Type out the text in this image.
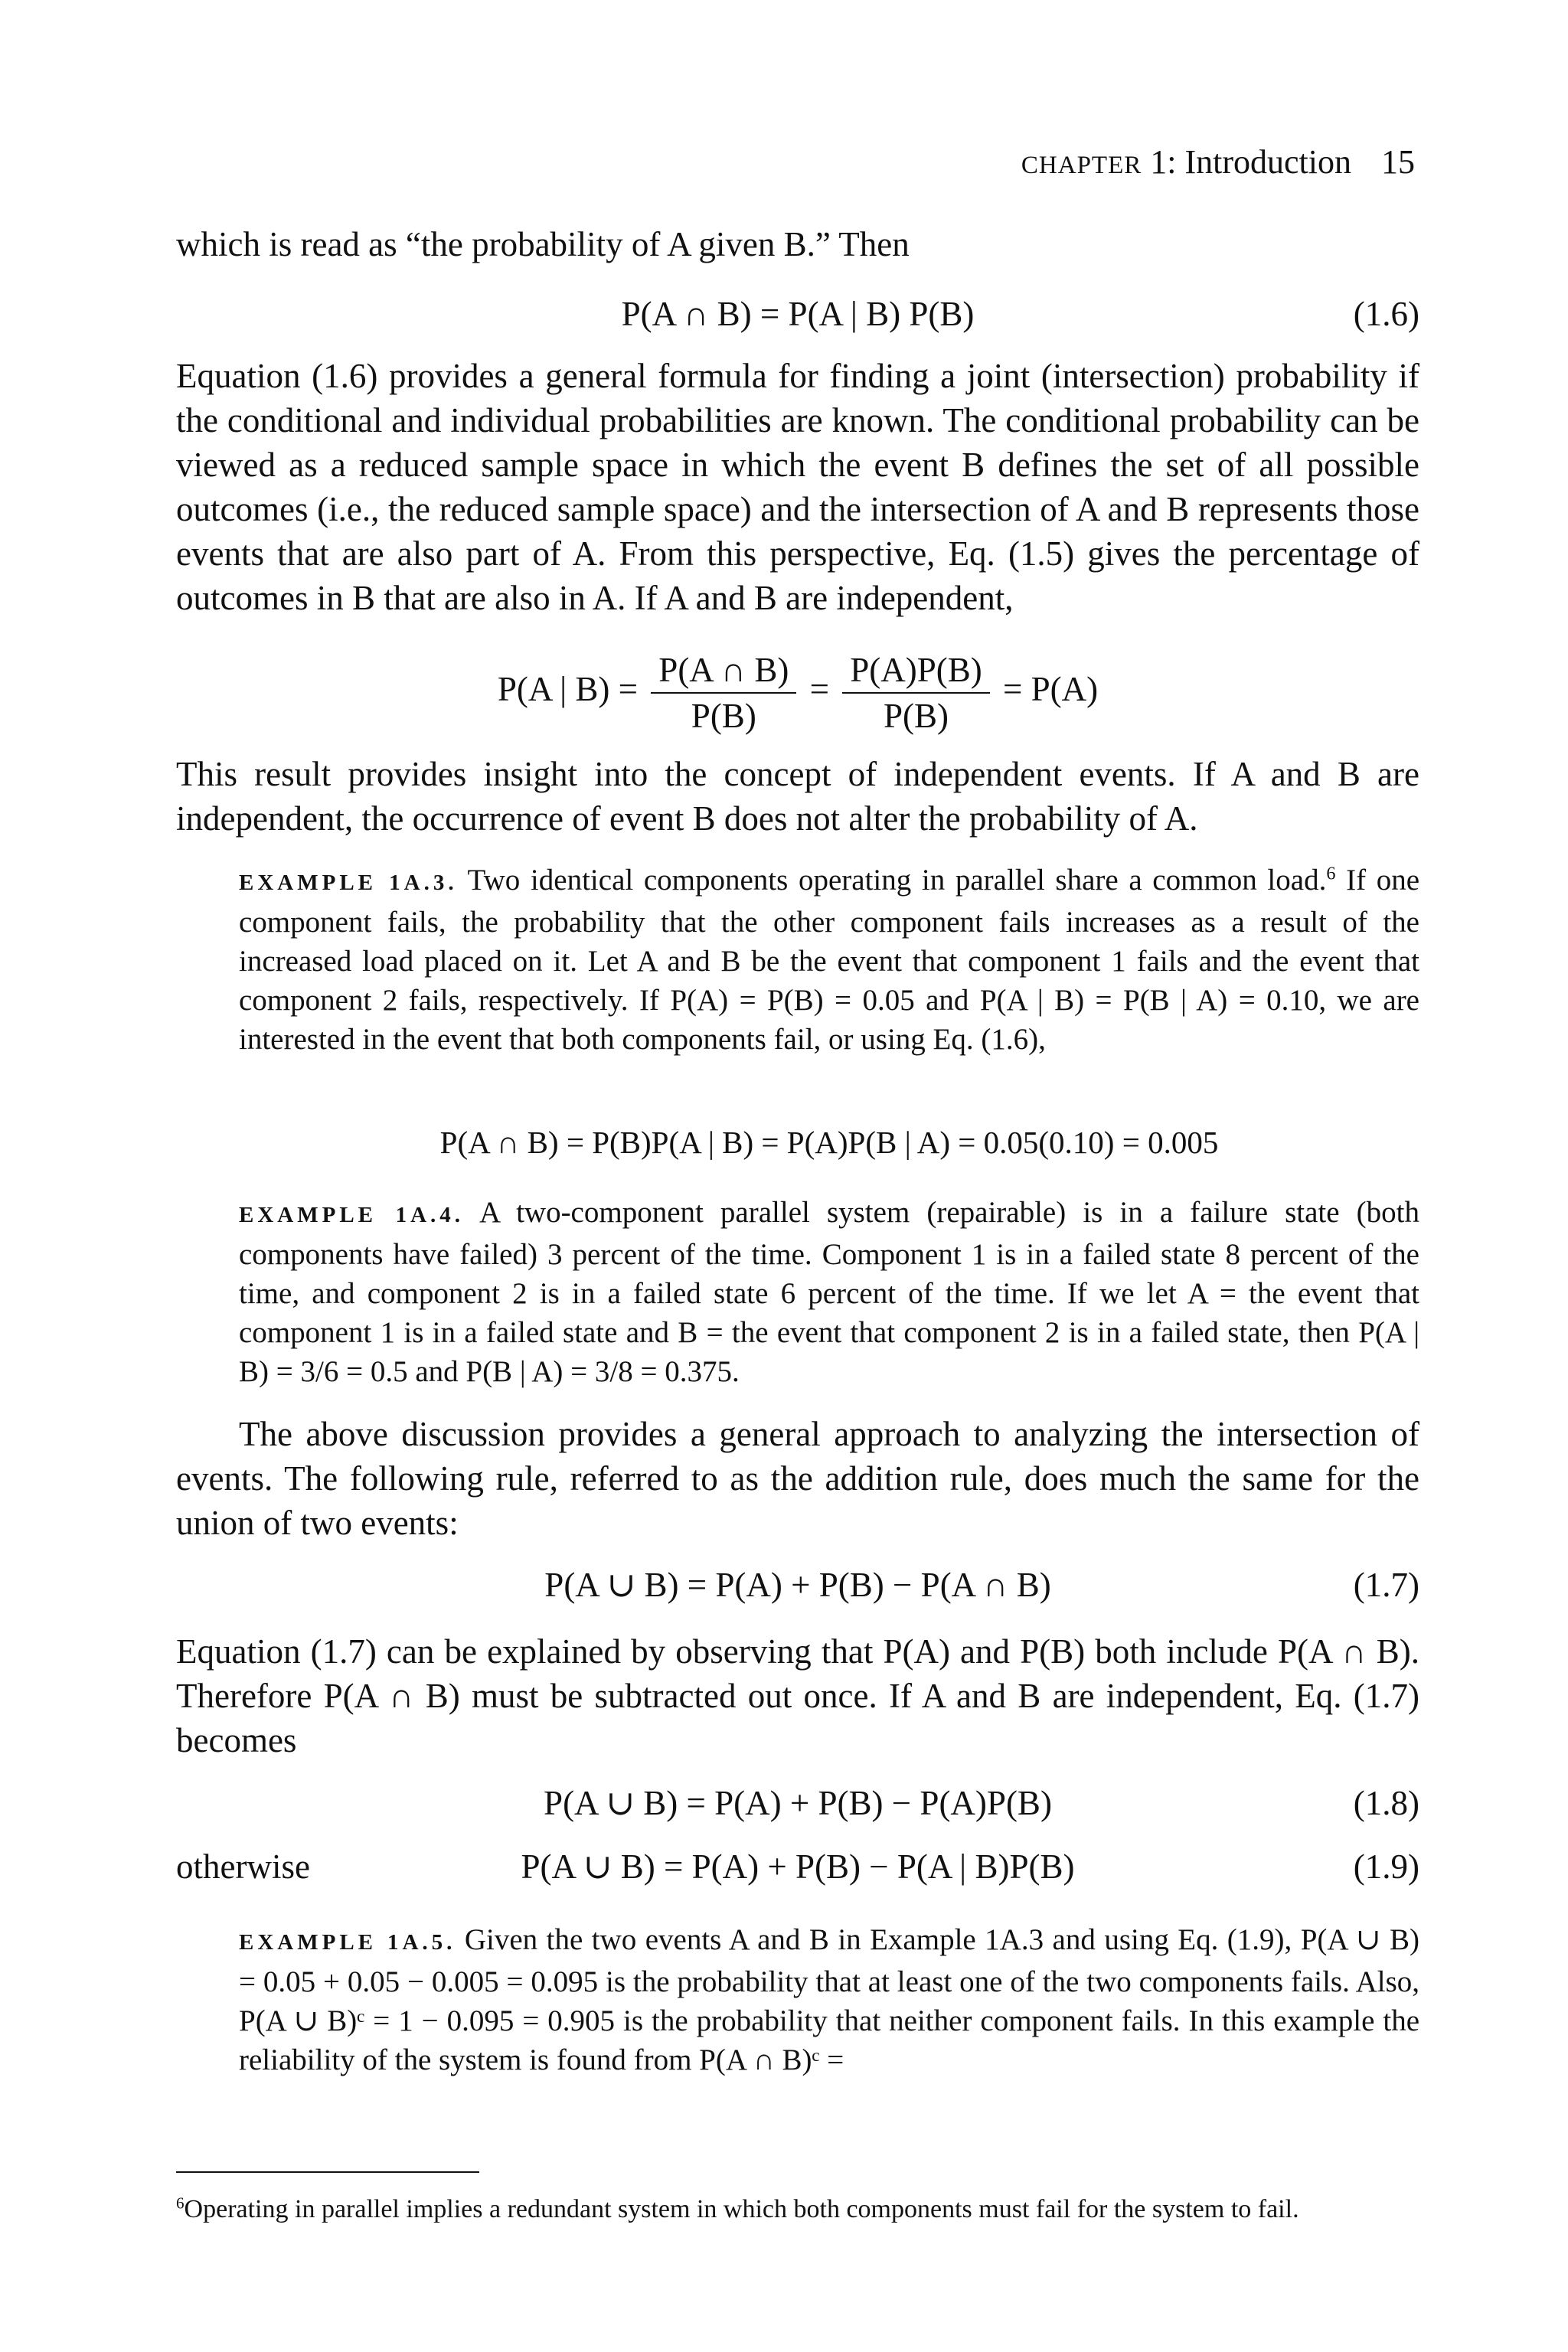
CHAPTER 1: Introduction 15
which is read as “the probability of A given B.” Then
P(A ∩ B) = P(A | B) P(B)	(1.6)
Equation (1.6) provides a general formula for finding a joint (intersection) probability if the conditional and individual probabilities are known. The conditional probability can be viewed as a reduced sample space in which the event B defines the set of all possible outcomes (i.e., the reduced sample space) and the intersection of A and B represents those events that are also part of A. From this perspective, Eq. (1.5) gives the percentage of outcomes in B that are also in A. If A and B are independent,
P(A | $B) = \frac{P(A \cap B)}{P(B)} = \frac{P(A)P(B)}{P(B)} = P(A)$
This result provides insight into the concept of independent events. If A and B are independent, the occurrence of event B does not alter the probability of A.
EXAMPLE 1A.3. Two identical components operating in parallel share a common load.$^6$ If one component fails, the probability that the other component fails increases as a result of the increased load placed on it. Let A and B be the event that component 1 fails and the event that component 2 fails, respectively. If P(A) = P(B) = 0.05 and P(A | B) = P(B | A) = 0.10, we are interested in the event that both components fail, or using Eq. (1.6),
P(A ∩ B) = P(B)P(A | B) = P(A)P(B | A) = 0.05(0.10) = 0.005
EXAMPLE 1A.4. A two-component parallel system (repairable) is in a failure state (both components have failed) 3 percent of the time. Component 1 is in a failed state 8 percent of the time, and component 2 is in a failed state 6 percent of the time. If we let A = the event that component 1 is in a failed state and B = the event that component 2 is in a failed state, then P(A | B) = 3/6 = 0.5 and P(B | A) = 3/8 = 0.375.
The above discussion provides a general approach to analyzing the intersection of events. The following rule, referred to as the addition rule, does much the same for the union of two events:
P(A ∪ B) = P(A) + P(B) − P(A ∩ B)	(1.7)
Equation (1.7) can be explained by observing that P(A) and P(B) both include P(A ∩ B). Therefore P(A ∩ B) must be subtracted out once. If A and B are independent, Eq. (1.7) becomes
P(A ∪ B) = P(A) + P(B) − P(A)P(B)	(1.8)
otherwise	P(A ∪ B) = P(A) + P(B) − P(A | B)P(B)	(1.9)
EXAMPLE 1A.5. Given the two events A and B in Example 1A.3 and using Eq. (1.9), P(A ∪ B) = 0.05 + 0.05 − 0.005 = 0.095 is the probability that at least one of the two components fails. Also, P(A ∪ B)ᶜ = 1 − 0.095 = 0.905 is the probability that neither component fails. In this example the reliability of the system is found from P(A ∩ B)ᶜ =
$^6$Operating in parallel implies a redundant system in which both components must fail for the system to fail.
